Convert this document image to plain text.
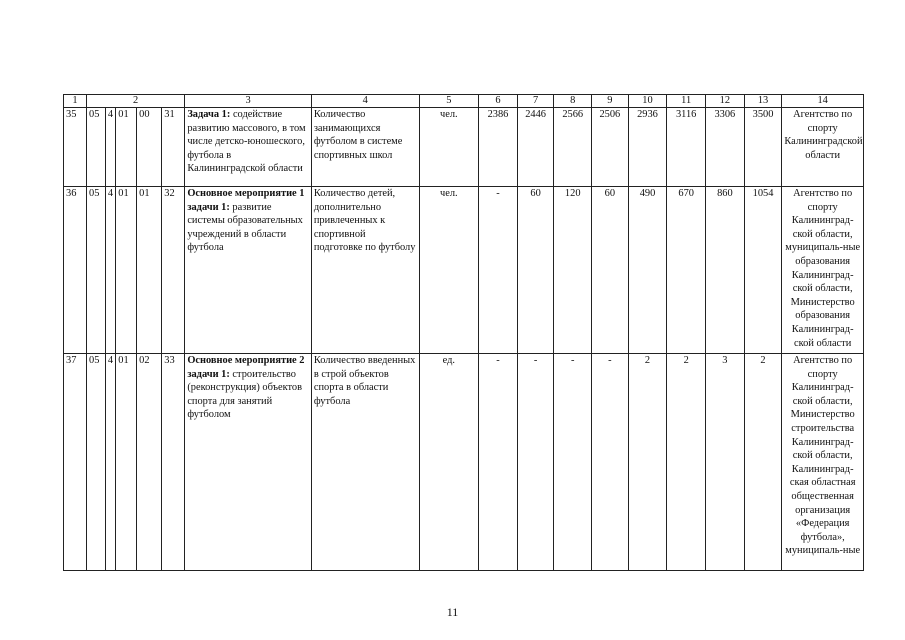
1	2					3	4	5	6	7	8	9	10	11	12	13	14
35	05	4	01	00	31	Задача 1: содействие развитию массового, в том числе детско-юношеского, футбола в Калининградской области	Количество занимающихся футболом в системе спортивных школ	чел.	2386	2446	2566	2506	2936	3116	3306	3500	Агентство по спорту Калининградской области
36	05	4	01	01	32	Основное мероприятие 1 задачи 1: развитие системы образовательных учреждений в области футбола	Количество детей, дополнительно привлеченных к спортивной подготовке по футболу	чел.	-	60	120	60	490	670	860	1054	Агентство по спорту Калининград-ской области, муниципаль-ные образования Калининград-ской области, Министерство образования Калининград-ской области
37	05	4	01	02	33	Основное мероприятие 2 задачи 1: строительство (реконструкция) объектов спорта для занятий футболом	Количество введенных в строй объектов спорта в области футбола	ед.	-	-	-	-	2	2	3	2	Агентство по спорту Калининград-ской области, Министерство строительства Калининград-ской области, Калининград-ская областная общественная организация «Федерация футбола», муниципаль-ные
11
